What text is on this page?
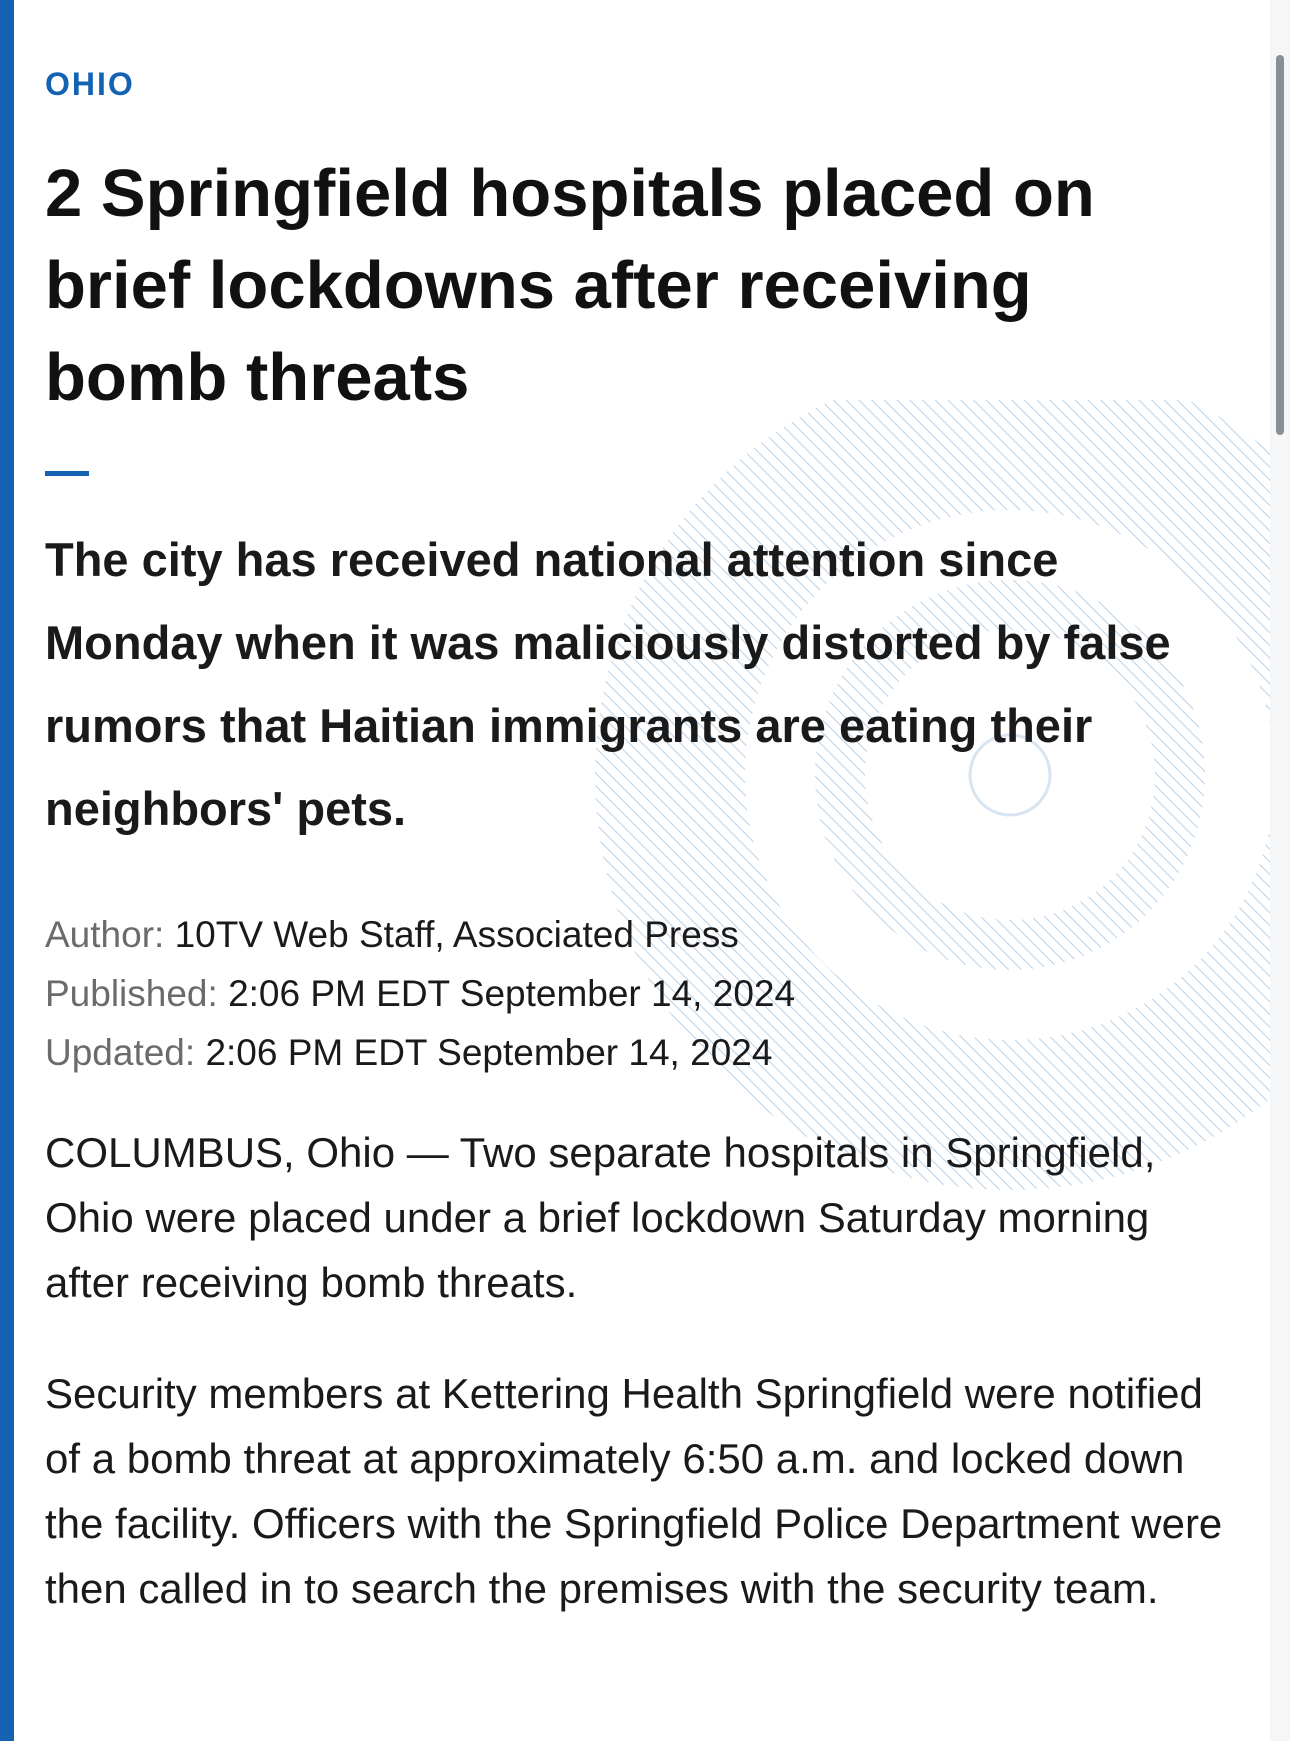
OHIO
2 Springfield hospitals placed on brief lockdowns after receiving bomb threats

The city has received national attention since Monday when it was maliciously distorted by false rumors that Haitian immigrants are eating their neighbors' pets.

Author: 10TV Web Staff, Associated Press
Published: 2:06 PM EDT September 14, 2024
Updated: 2:06 PM EDT September 14, 2024

COLUMBUS, Ohio — Two separate hospitals in Springfield, Ohio were placed under a brief lockdown Saturday morning after receiving bomb threats.

Security members at Kettering Health Springfield were notified of a bomb threat at approximately 6:50 a.m. and locked down the facility. Officers with the Springfield Police Department were then called in to search the premises with the security team.
